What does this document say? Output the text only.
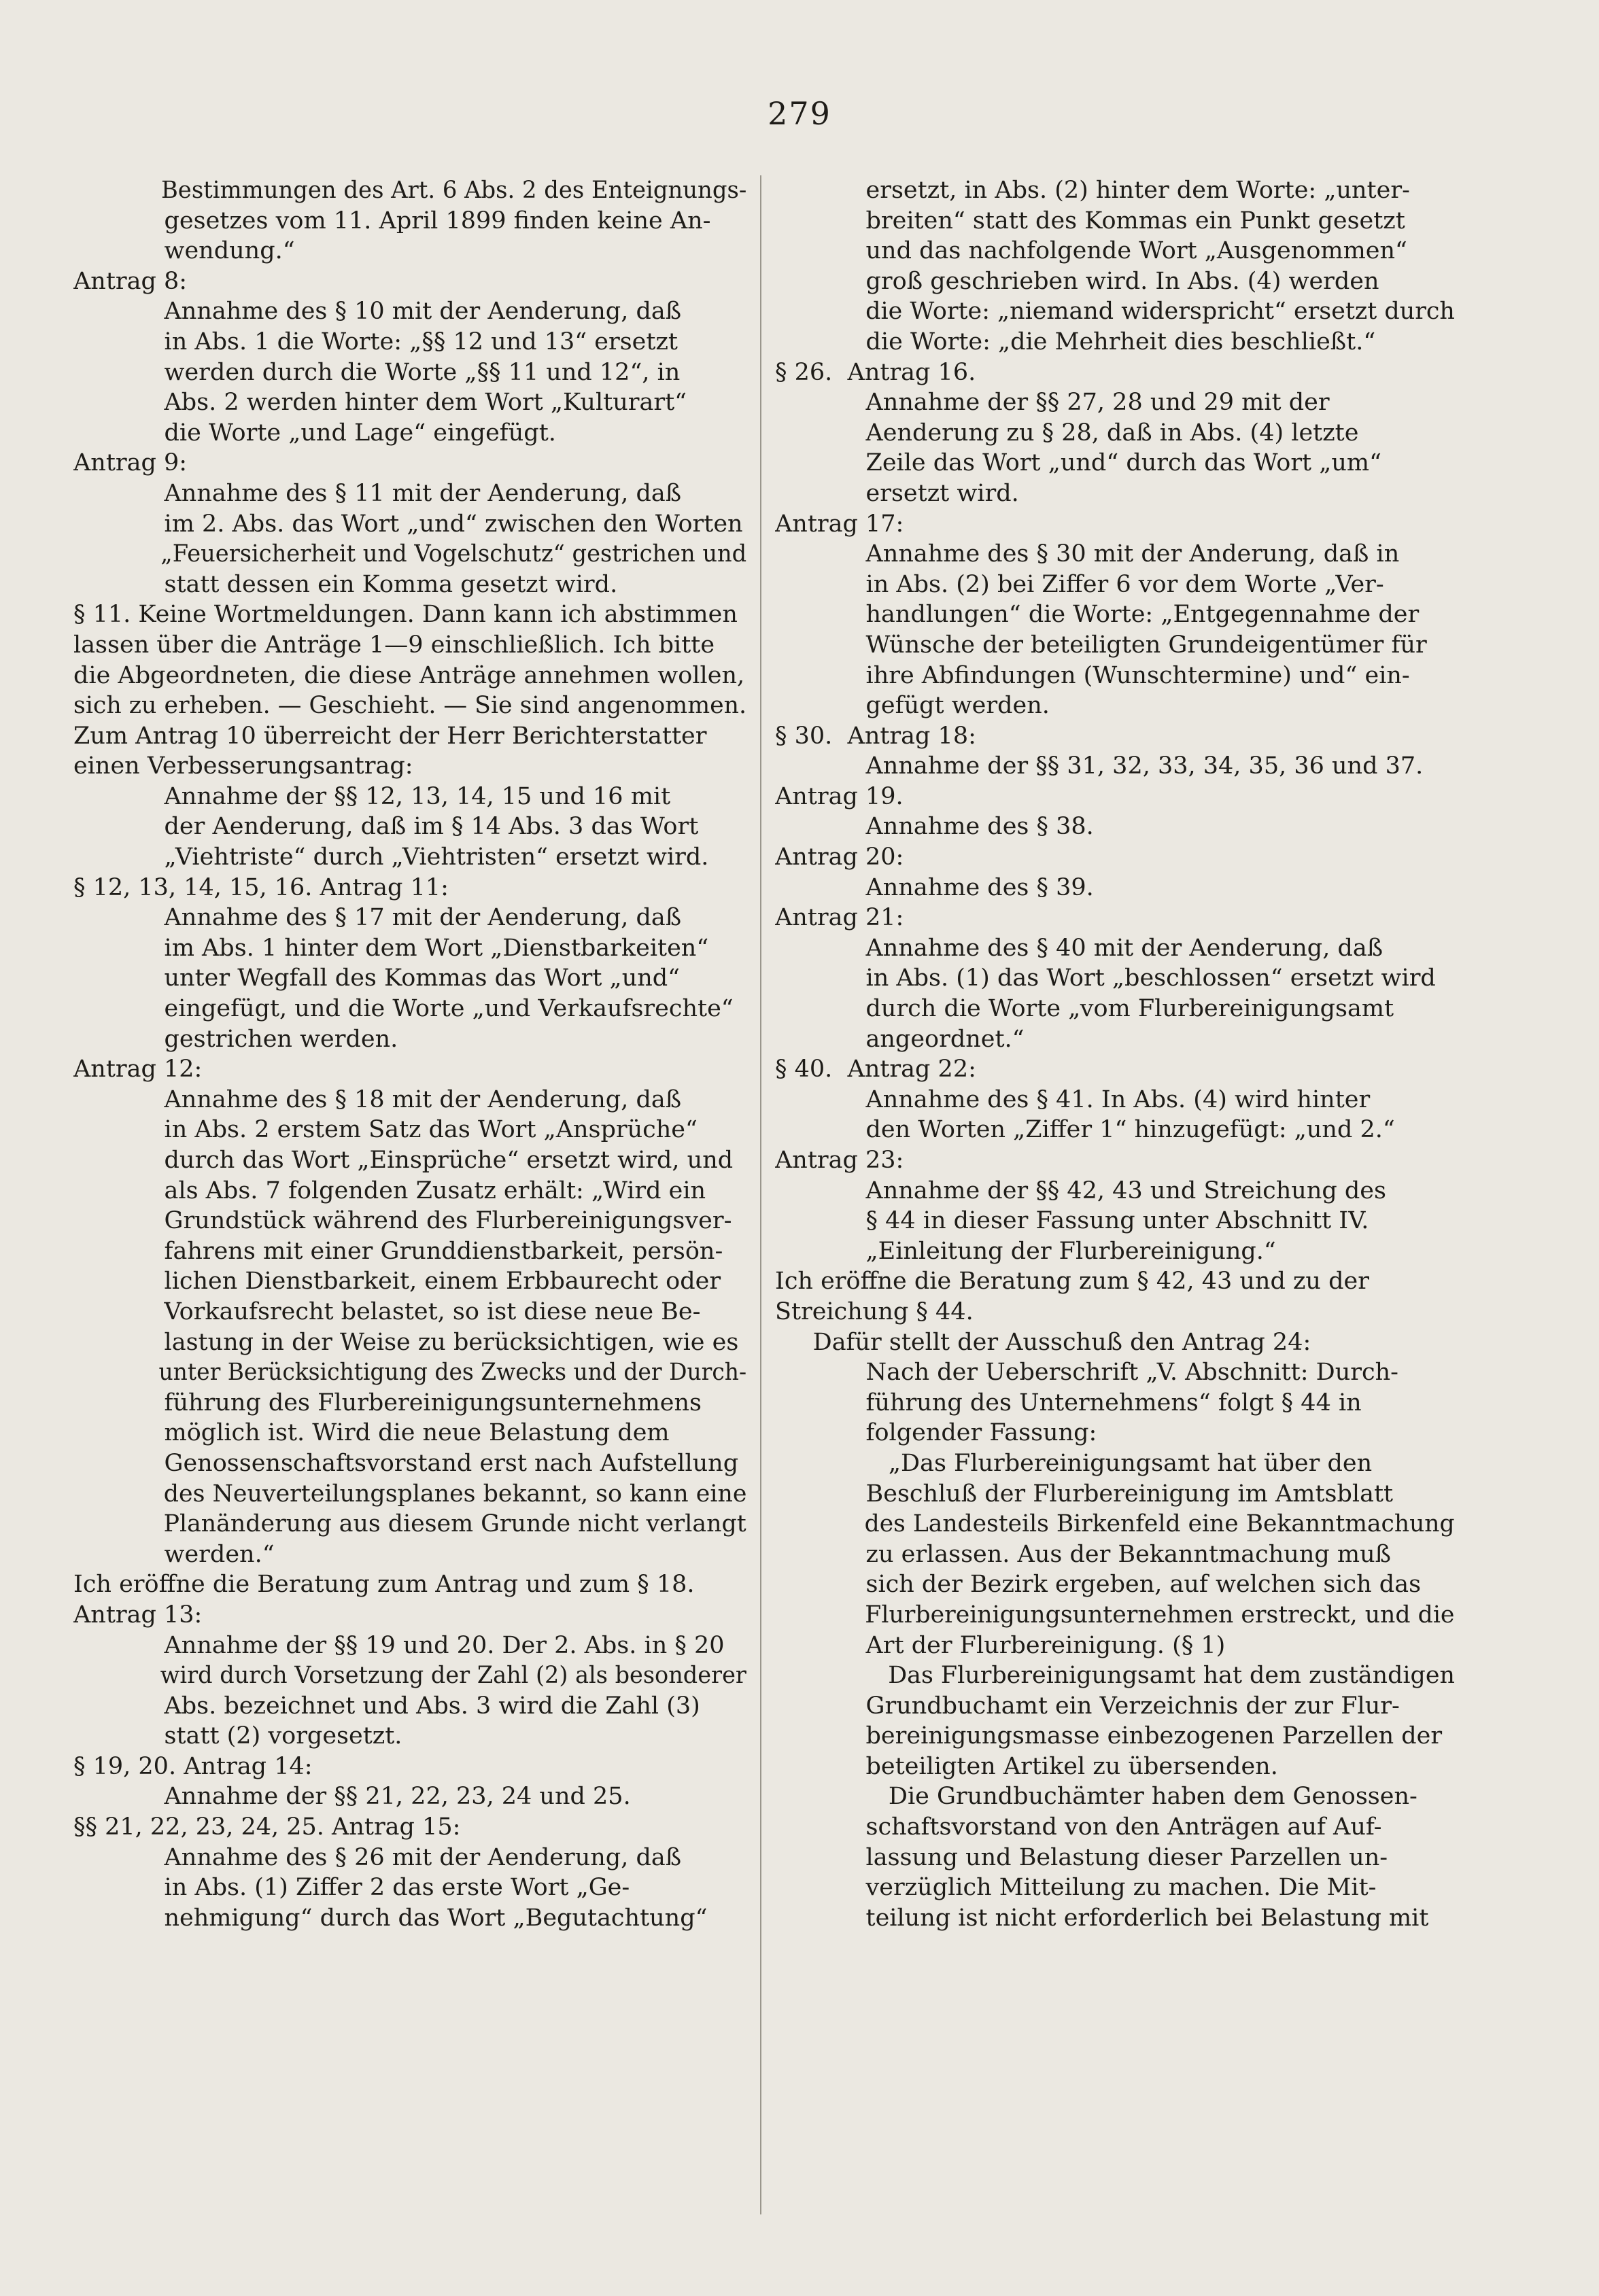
279
Bestimmungen des Art. 6 Abs. 2 des Enteignungs-
gesetzes vom 11. April 1899 finden keine An-
wendung.“
Antrag 8:
Annahme des § 10 mit der Aenderung, daß
in Abs. 1 die Worte: „§§ 12 und 13“ ersetzt
werden durch die Worte „§§ 11 und 12“, in
Abs. 2 werden hinter dem Wort „Kulturart“
die Worte „und Lage“ eingefügt.
Antrag 9:
Annahme des § 11 mit der Aenderung, daß
im 2. Abs. das Wort „und“ zwischen den Worten
„Feuersicherheit und Vogelschutz“ gestrichen und
statt dessen ein Komma gesetzt wird.
§ 11. Keine Wortmeldungen. Dann kann ich abstimmen
lassen über die Anträge 1—9 einschließlich. Ich bitte
die Abgeordneten, die diese Anträge annehmen wollen,
sich zu erheben. — Geschieht. — Sie sind angenommen.
Zum Antrag 10 überreicht der Herr Berichterstatter
einen Verbesserungsantrag:
Annahme der §§ 12, 13, 14, 15 und 16 mit
der Aenderung, daß im § 14 Abs. 3 das Wort
„Viehtriste“ durch „Viehtristen“ ersetzt wird.
§ 12, 13, 14, 15, 16. Antrag 11:
Annahme des § 17 mit der Aenderung, daß
im Abs. 1 hinter dem Wort „Dienstbarkeiten“
unter Wegfall des Kommas das Wort „und“
eingefügt, und die Worte „und Verkaufsrechte“
gestrichen werden.
Antrag 12:
Annahme des § 18 mit der Aenderung, daß
in Abs. 2 erstem Satz das Wort „Ansprüche“
durch das Wort „Einsprüche“ ersetzt wird, und
als Abs. 7 folgenden Zusatz erhält: „Wird ein
Grundstück während des Flurbereinigungsver-
fahrens mit einer Grunddienstbarkeit, persön-
lichen Dienstbarkeit, einem Erbbaurecht oder
Vorkaufsrecht belastet, so ist diese neue Be-
lastung in der Weise zu berücksichtigen, wie es
unter Berücksichtigung des Zwecks und der Durch-
führung des Flurbereinigungsunternehmens
möglich ist. Wird die neue Belastung dem
Genossenschaftsvorstand erst nach Aufstellung
des Neuverteilungsplanes bekannt, so kann eine
Planänderung aus diesem Grunde nicht verlangt
werden.“
Ich eröffne die Beratung zum Antrag und zum § 18.
Antrag 13:
Annahme der §§ 19 und 20. Der 2. Abs. in § 20
wird durch Vorsetzung der Zahl (2) als besonderer
Abs. bezeichnet und Abs. 3 wird die Zahl (3)
statt (2) vorgesetzt.
§ 19, 20. Antrag 14:
Annahme der §§ 21, 22, 23, 24 und 25.
§§ 21, 22, 23, 24, 25. Antrag 15:
Annahme des § 26 mit der Aenderung, daß
in Abs. (1) Ziffer 2 das erste Wort „Ge-
nehmigung“ durch das Wort „Begutachtung“
ersetzt, in Abs. (2) hinter dem Worte: „unter-
breiten“ statt des Kommas ein Punkt gesetzt
und das nachfolgende Wort „Ausgenommen“
groß geschrieben wird. In Abs. (4) werden
die Worte: „niemand widerspricht“ ersetzt durch
die Worte: „die Mehrheit dies beschließt.“
§ 26.  Antrag 16.
Annahme der §§ 27, 28 und 29 mit der
Aenderung zu § 28, daß in Abs. (4) letzte
Zeile das Wort „und“ durch das Wort „um“
ersetzt wird.
Antrag 17:
Annahme des § 30 mit der Anderung, daß in
in Abs. (2) bei Ziffer 6 vor dem Worte „Ver-
handlungen“ die Worte: „Entgegennahme der
Wünsche der beteiligten Grundeigentümer für
ihre Abfindungen (Wunschtermine) und“ ein-
gefügt werden.
§ 30.  Antrag 18:
Annahme der §§ 31, 32, 33, 34, 35, 36 und 37.
Antrag 19.
Annahme des § 38.
Antrag 20:
Annahme des § 39.
Antrag 21:
Annahme des § 40 mit der Aenderung, daß
in Abs. (1) das Wort „beschlossen“ ersetzt wird
durch die Worte „vom Flurbereinigungsamt
angeordnet.“
§ 40.  Antrag 22:
Annahme des § 41. In Abs. (4) wird hinter
den Worten „Ziffer 1“ hinzugefügt: „und 2.“
Antrag 23:
Annahme der §§ 42, 43 und Streichung des
§ 44 in dieser Fassung unter Abschnitt IV.
„Einleitung der Flurbereinigung.“
Ich eröffne die Beratung zum § 42, 43 und zu der
Streichung § 44.
Dafür stellt der Ausschuß den Antrag 24:
Nach der Ueberschrift „V. Abschnitt: Durch-
führung des Unternehmens“ folgt § 44 in
folgender Fassung:
„Das Flurbereinigungsamt hat über den
Beschluß der Flurbereinigung im Amtsblatt
des Landesteils Birkenfeld eine Bekanntmachung
zu erlassen. Aus der Bekanntmachung muß
sich der Bezirk ergeben, auf welchen sich das
Flurbereinigungsunternehmen erstreckt, und die
Art der Flurbereinigung. (§ 1)
Das Flurbereinigungsamt hat dem zuständigen
Grundbuchamt ein Verzeichnis der zur Flur-
bereinigungsmasse einbezogenen Parzellen der
beteiligten Artikel zu übersenden.
Die Grundbuchämter haben dem Genossen-
schaftsvorstand von den Anträgen auf Auf-
lassung und Belastung dieser Parzellen un-
verzüglich Mitteilung zu machen. Die Mit-
teilung ist nicht erforderlich bei Belastung mit
